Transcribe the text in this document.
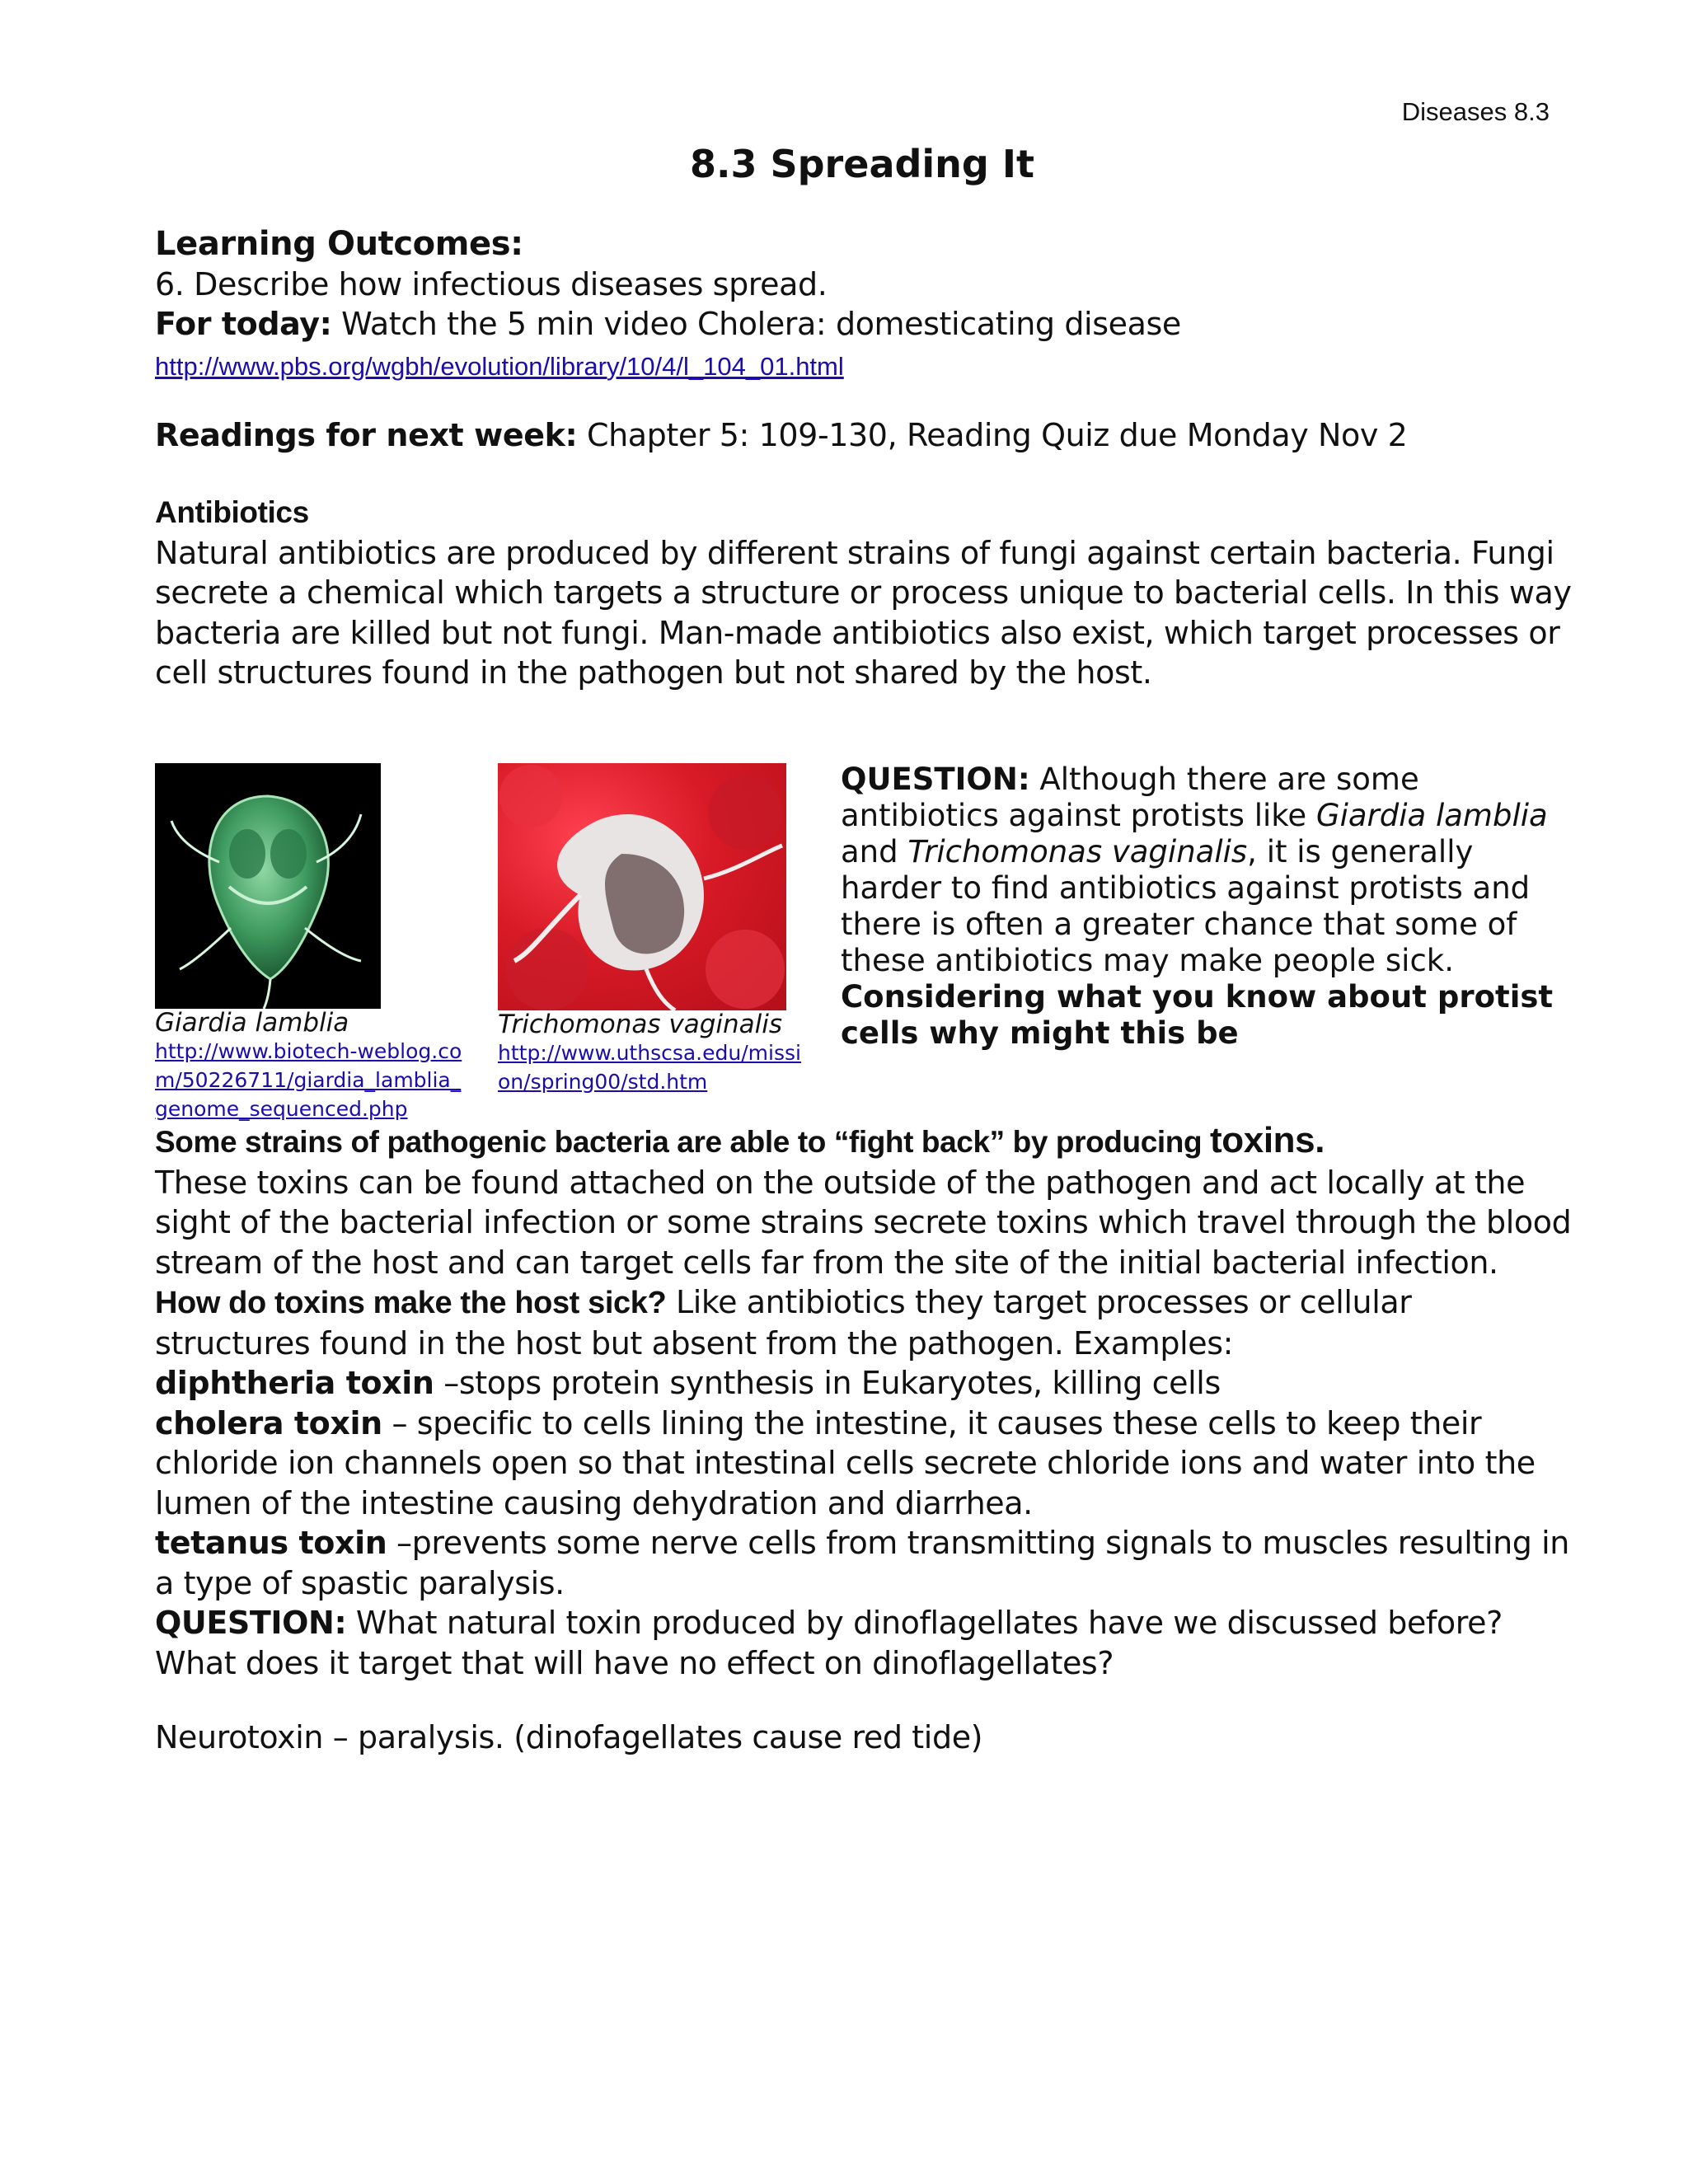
Diseases 8.3
8.3 Spreading It
Learning Outcomes:
6. Describe how infectious diseases spread.
For today: Watch the 5 min video Cholera: domesticating disease
http://www.pbs.org/wgbh/evolution/library/10/4/l_104_01.html
Readings for next week: Chapter 5: 109-130, Reading Quiz due Monday Nov 2
Antibiotics
Natural antibiotics are produced by different strains of fungi against certain bacteria. Fungi secrete a chemical which targets a structure or process unique to bacterial cells. In this way bacteria are killed but not fungi. Man-made antibiotics also exist, which target processes or cell structures found in the pathogen but not shared by the host.
Giardia lamblia
http://www.biotech-weblog.com/50226711/giardia_lamblia_genome_sequenced.php
Trichomonas vaginalis
http://www.uthscsa.edu/mission/spring00/std.htm
QUESTION: Although there are some antibiotics against protists like Giardia lamblia and Trichomonas vaginalis, it is generally harder to find antibiotics against protists and there is often a greater chance that some of these antibiotics may make people sick. Considering what you know about protist cells why might this be
Some strains of pathogenic bacteria are able to “fight back” by producing toxins.
These toxins can be found attached on the outside of the pathogen and act locally at the sight of the bacterial infection or some strains secrete toxins which travel through the blood stream of the host and can target cells far from the site of the initial bacterial infection.
How do toxins make the host sick? Like antibiotics they target processes or cellular structures found in the host but absent from the pathogen. Examples:
diphtheria toxin –stops protein synthesis in Eukaryotes, killing cells
cholera toxin – specific to cells lining the intestine, it causes these cells to keep their chloride ion channels open so that intestinal cells secrete chloride ions and water into the lumen of the intestine causing dehydration and diarrhea.
tetanus toxin –prevents some nerve cells from transmitting signals to muscles resulting in a type of spastic paralysis.
QUESTION: What natural toxin produced by dinoflagellates have we discussed before? What does it target that will have no effect on dinoflagellates?
Neurotoxin – paralysis. (dinofagellates cause red tide)
